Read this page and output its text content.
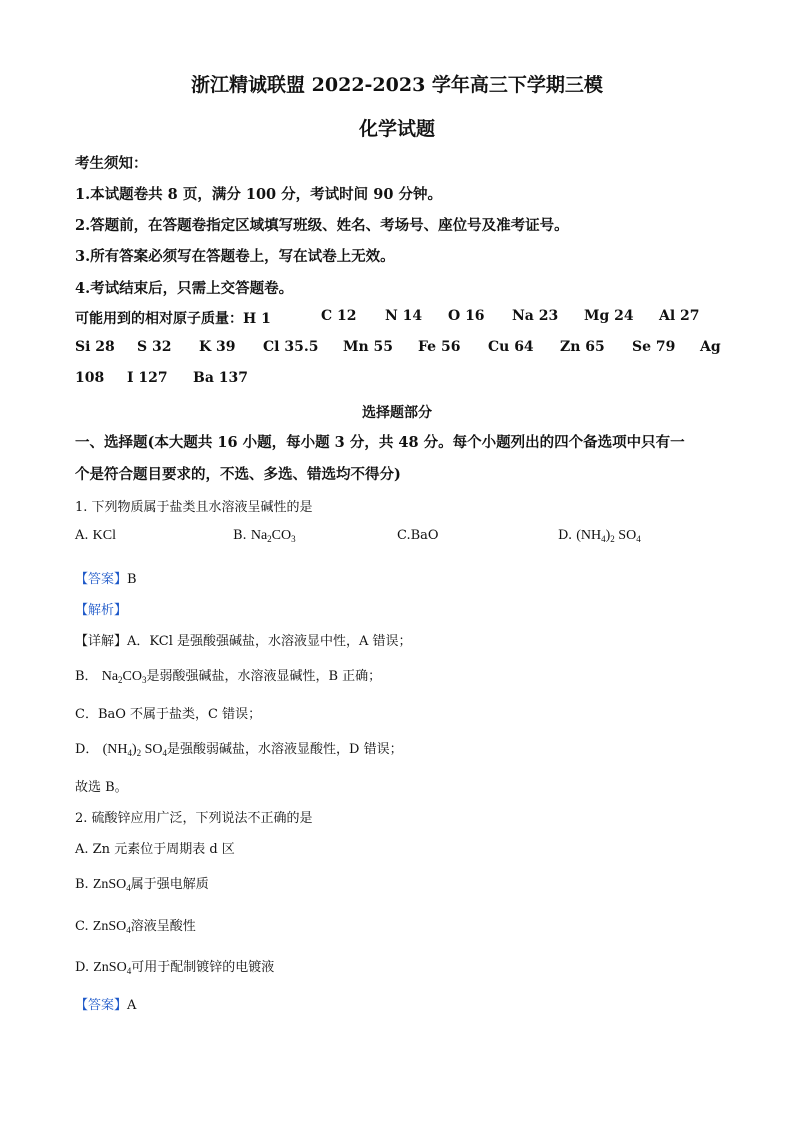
浙江精诚联盟 2022-2023 学年高三下学期三模
化学试题
考生须知：
1.本试题卷共 8 页，满分 100 分，考试时间 90 分钟。
2.答题前，在答题卷指定区域填写班级、姓名、考场号、座位号及准考证号。
3.所有答案必须写在答题卷上，写在试卷上无效。
4.考试结束后，只需上交答题卷。
可能用到的相对原子质量：H 1	C 12 N 14 O 16 Na 23 Mg 24 Al 27
Si 28 S 32 K 39 Cl 35.5 Mn 55 Fe 56 Cu 64 Zn 65 Se 79 Ag
108 I 127 Ba 137
选择题部分
一、选择题(本大题共 16 小题，每小题 3 分，共 48 分。每个小题列出的四个备选项中只有一
个是符合题目要求的，不选、多选、错选均不得分)
1. 下列物质属于盐类且水溶液呈碱性的是
A. KCl	B. $Na_2CO_3$	C.BaO	D. $(NH_4)_2$ $SO_4$
【答案】B
【解析】
【详解】A．KCl 是强酸强碱盐，水溶液显中性，A 错误；
B． $Na_2CO_3$是弱酸强碱盐，水溶液显碱性，B 正确；
C．BaO 不属于盐类，C 错误；
D． $(NH_4)_2$ $SO_4$是强酸弱碱盐，水溶液显酸性，D 错误；
故选 B。
2. 硫酸锌应用广泛，下列说法不正确的是
A. Zn 元素位于周期表 d 区
B. ZnSO$_4$属于强电解质
C. ZnSO$_4$溶液呈酸性
D. ZnSO$_4$可用于配制镀锌的电镀液
【答案】A
